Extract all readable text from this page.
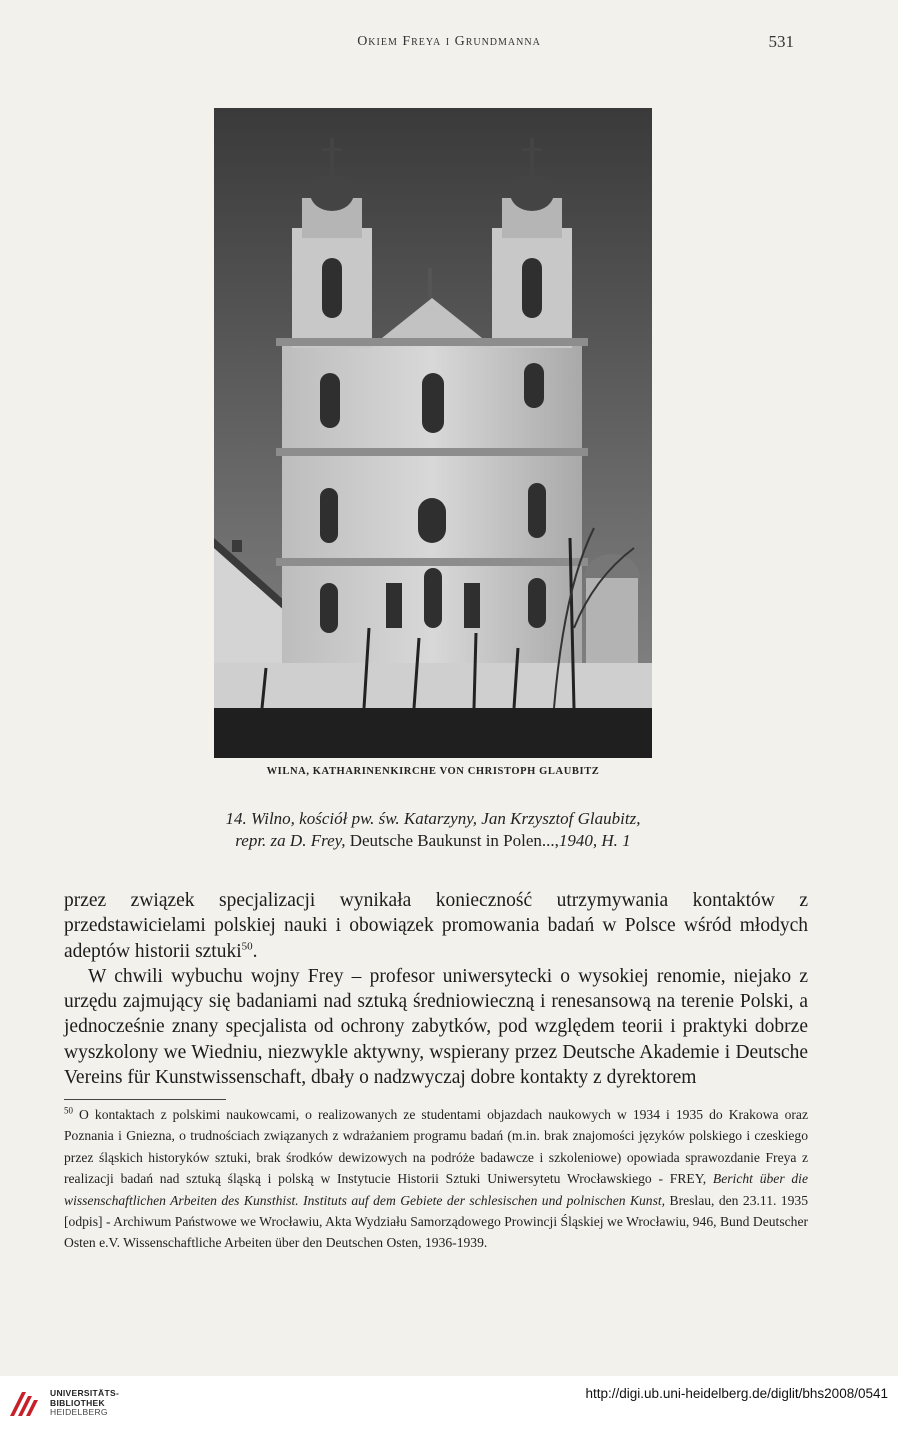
Okiem Freya i Grundmanna	531
WILNA, KATHARINENKIRCHE VON CHRISTOPH GLAUBITZ
14. Wilno, kościół pw. św. Katarzyny, Jan Krzysztof Glaubitz, repr. za D. Frey, Deutsche Baukunst in Polen...,1940, H. 1

przez związek specjalizacji wynikała konieczność utrzymywania kontaktów z przedstawicielami polskiej nauki i obowiązek promowania badań w Polsce wśród młodych adeptów historii sztuki$^{50}$.

W chwili wybuchu wojny Frey – profesor uniwersytecki o wysokiej renomie, niejako z urzędu zajmujący się badaniami nad sztuką średniowieczną i renesansową na terenie Polski, a jednocześnie znany specjalista od ochrony zabytków, pod względem teorii i praktyki dobrze wyszkolony we Wiedniu, niezwykle aktywny, wspierany przez Deutsche Akademie i Deutsche Vereins für Kunstwissenschaft, dbały o nadzwyczaj dobre kontakty z dyrektorem

$^{50}$ O kontaktach z polskimi naukowcami, o realizowanych ze studentami objazdach naukowych w 1934 i 1935 do Krakowa oraz Poznania i Gniezna, o trudnościach związanych z wdrażaniem programu badań (m.in. brak znajomości języków polskiego i czeskiego przez śląskich historyków sztuki, brak środków dewizowych na podróże badawcze i szkoleniowe) opowiada sprawozdanie Freya z realizacji badań nad sztuką śląską i polską w Instytucie Historii Sztuki Uniwersytetu Wrocławskiego - FREY, Bericht über die wissenschaftlichen Arbeiten des Kunsthist. Instituts auf dem Gebiete der schlesischen und polnischen Kunst, Breslau, den 23.11. 1935 [odpis] - Archiwum Państwowe we Wrocławiu, Akta Wydziału Samorządowego Prowincji Śląskiej we Wrocławiu, 946, Bund Deutscher Osten e.V. Wissenschaftliche Arbeiten über den Deutschen Osten, 1936-1939.
UNIVERSITÄTS-
BIBLIOTHEK
HEIDELBERG
http://digi.ub.uni-heidelberg.de/diglit/bhs2008/0541
